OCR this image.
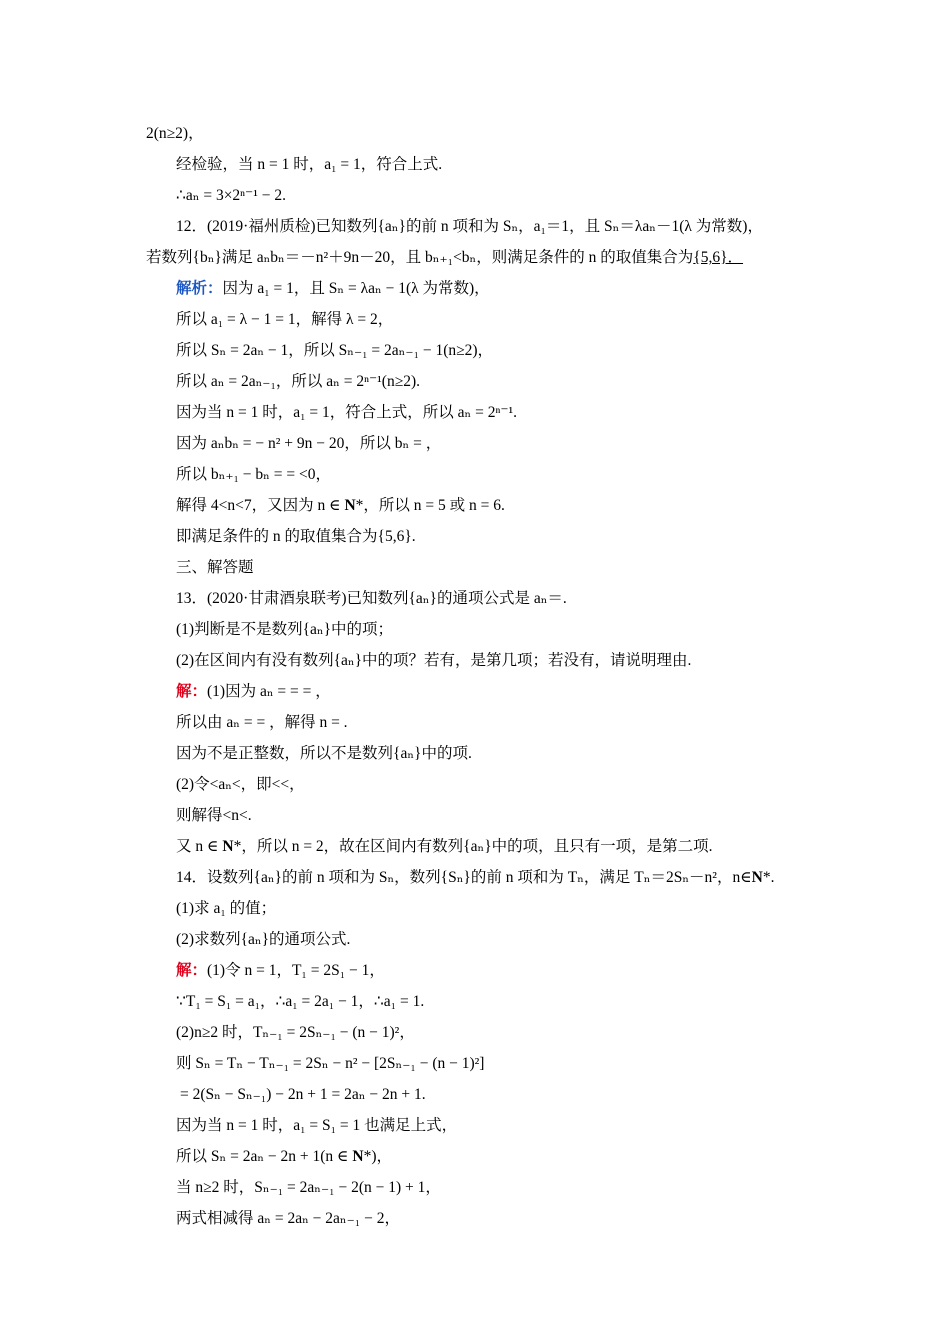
2(n≥2)，
经检验，当 n = 1 时，a₁ = 1，符合上式.
∴aₙ = 3×2ⁿ⁻¹ − 2.
12．(2019·福州质检)已知数列{aₙ}的前 n 项和为 Sₙ，a₁＝1，且 Sₙ＝λaₙ－1(λ 为常数)，
若数列{bₙ}满足 aₙbₙ＝－n²＋9n－20，且 bₙ₊₁<bₙ，则满足条件的 n 的取值集合为{5,6}．
解析：因为 a₁ = 1，且 Sₙ = λaₙ − 1(λ 为常数)，
所以 a₁ = λ − 1 = 1，解得 λ = 2，
所以 Sₙ = 2aₙ − 1，所以 Sₙ₋₁ = 2aₙ₋₁ − 1(n≥2)，
所以 aₙ = 2aₙ₋₁，所以 aₙ = 2ⁿ⁻¹(n≥2).
因为当 n = 1 时，a₁ = 1，符合上式，所以 aₙ = 2ⁿ⁻¹.
因为 aₙbₙ = − n² + 9n − 20，所以 bₙ = ，
所以 bₙ₊₁ − bₙ = = <0，
解得 4<n<7，又因为 n ∈ N*，所以 n = 5 或 n = 6.
即满足条件的 n 的取值集合为{5,6}.
三、解答题
13．(2020·甘肃酒泉联考)已知数列{aₙ}的通项公式是 aₙ＝.
(1)判断是不是数列{aₙ}中的项；
(2)在区间内有没有数列{aₙ}中的项？若有，是第几项；若没有，请说明理由.
解：(1)因为 aₙ = = = ，
所以由 aₙ = = ，解得 n = .
因为不是正整数，所以不是数列{aₙ}中的项.
(2)令<aₙ<，即<<，
则解得<n<.
又 n ∈ N*，所以 n = 2，故在区间内有数列{aₙ}中的项，且只有一项，是第二项.
14．设数列{aₙ}的前 n 项和为 Sₙ，数列{Sₙ}的前 n 项和为 Tₙ，满足 Tₙ＝2Sₙ－n²，n∈N*.
(1)求 a₁ 的值；
(2)求数列{aₙ}的通项公式.
解：(1)令 n = 1，T₁ = 2S₁ − 1，
∵T₁ = S₁ = a₁，∴a₁ = 2a₁ − 1，∴a₁ = 1.
(2)n≥2 时，Tₙ₋₁ = 2Sₙ₋₁ − (n − 1)²，
则 Sₙ = Tₙ − Tₙ₋₁ = 2Sₙ − n² − [2Sₙ₋₁ − (n − 1)²]
= 2(Sₙ − Sₙ₋₁) − 2n + 1 = 2aₙ − 2n + 1.
因为当 n = 1 时，a₁ = S₁ = 1 也满足上式，
所以 Sₙ = 2aₙ − 2n + 1(n ∈ N*)，
当 n≥2 时，Sₙ₋₁ = 2aₙ₋₁ − 2(n − 1) + 1，
两式相减得 aₙ = 2aₙ − 2aₙ₋₁ − 2，
